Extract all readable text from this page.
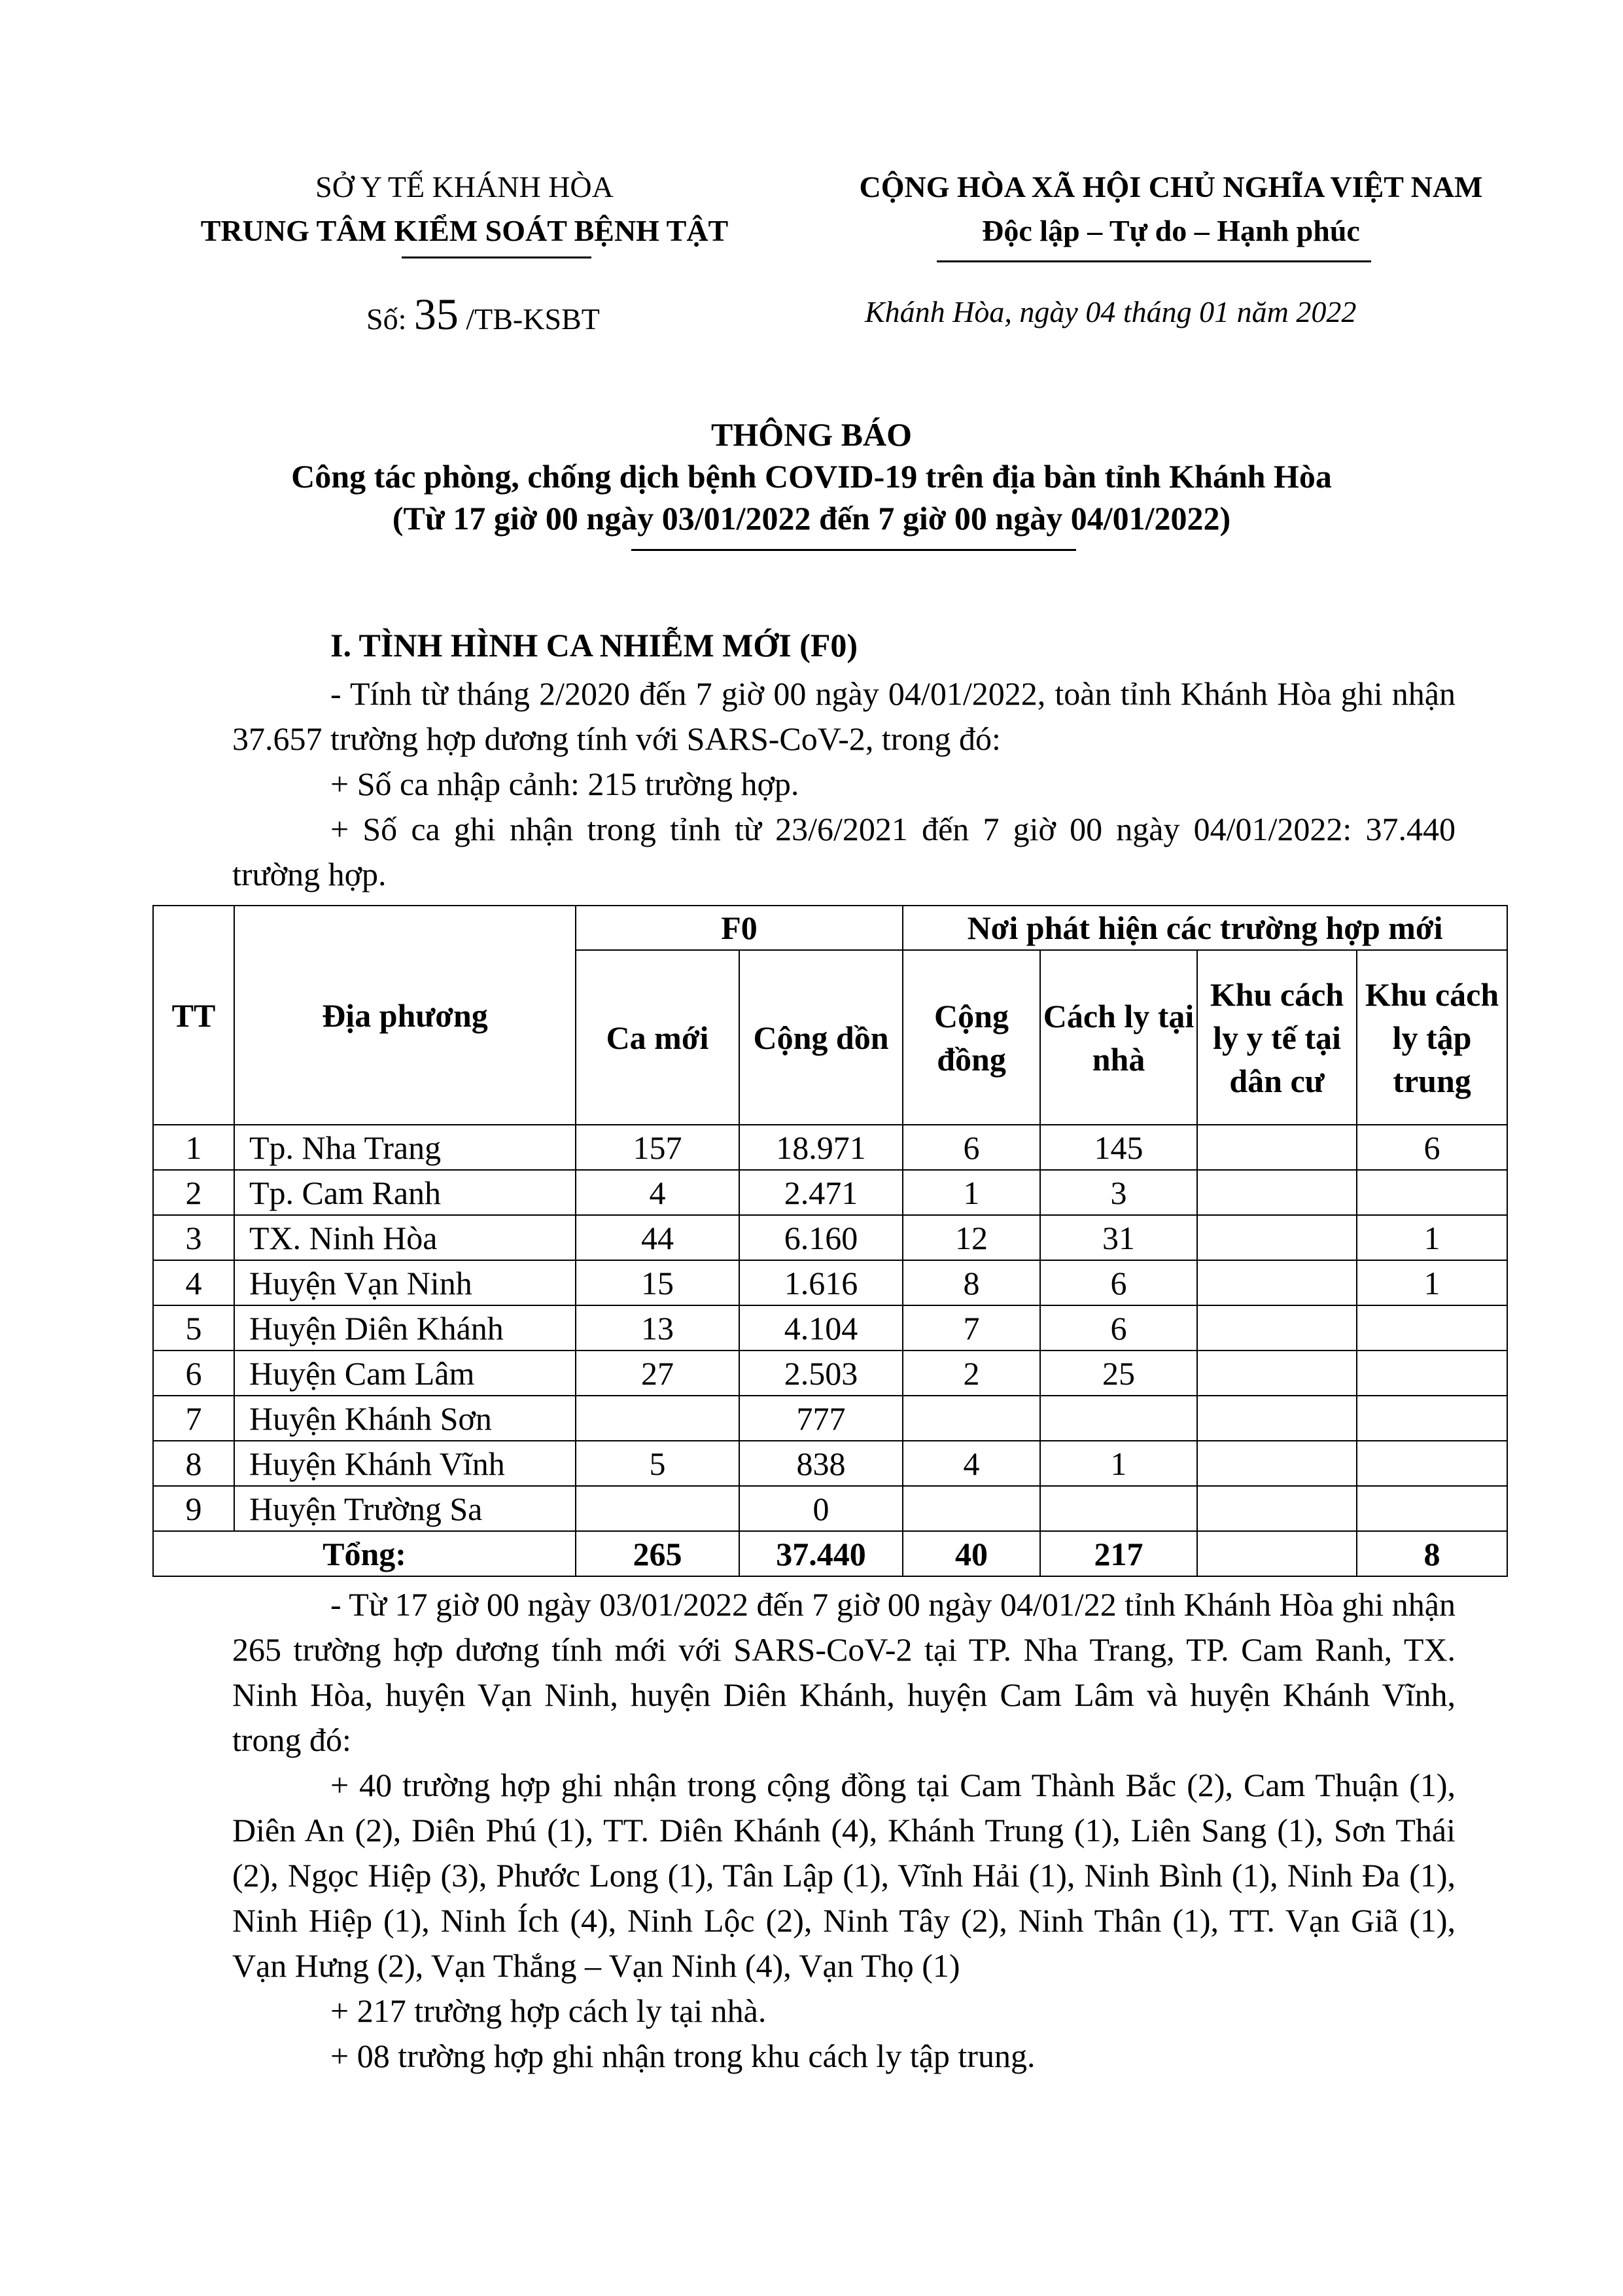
SỞ Y TẾ KHÁNH HÒA
TRUNG TÂM KIỂM SOÁT BỆNH TẬT
CỘNG HÒA XÃ HỘI CHỦ NGHĨA VIỆT NAM
Độc lập – Tự do – Hạnh phúc
Số: 35 /TB-KSBT	Khánh Hòa, ngày 04 tháng 01 năm 2022
THÔNG BÁO
Công tác phòng, chống dịch bệnh COVID-19 trên địa bàn tỉnh Khánh Hòa
(Từ 17 giờ 00 ngày 03/01/2022 đến 7 giờ 00 ngày 04/01/2022)
I. TÌNH HÌNH CA NHIỄM MỚI (F0)
- Tính từ tháng 2/2020 đến 7 giờ 00 ngày 04/01/2022, toàn tỉnh Khánh Hòa ghi nhận 37.657 trường hợp dương tính với SARS-CoV-2, trong đó:
+ Số ca nhập cảnh: 215 trường hợp.
+ Số ca ghi nhận trong tỉnh từ 23/6/2021 đến 7 giờ 00 ngày 04/01/2022: 37.440 trường hợp.
TT	Địa phương	F0		Nơi phát hiện các trường hợp mới			
		Ca mới	Cộng dồn	Cộng đồng	Cách ly tại nhà	Khu cách ly y tế tại dân cư	Khu cách ly tập trung
1	Tp. Nha Trang	157	18.971	6	145		6
2	Tp. Cam Ranh	4	2.471	1	3		
3	TX. Ninh Hòa	44	6.160	12	31		1
4	Huyện Vạn Ninh	15	1.616	8	6		1
5	Huyện Diên Khánh	13	4.104	7	6		
6	Huyện Cam Lâm	27	2.503	2	25		
7	Huyện Khánh Sơn		777				
8	Huyện Khánh Vĩnh	5	838	4	1		
9	Huyện Trường Sa		0				
Tổng:		265	37.440	40	217		8
- Từ 17 giờ 00 ngày 03/01/2022 đến 7 giờ 00 ngày 04/01/22 tỉnh Khánh Hòa ghi nhận 265 trường hợp dương tính mới với SARS-CoV-2 tại TP. Nha Trang, TP. Cam Ranh, TX. Ninh Hòa, huyện Vạn Ninh, huyện Diên Khánh, huyện Cam Lâm và huyện Khánh Vĩnh, trong đó:
+ 40 trường hợp ghi nhận trong cộng đồng tại Cam Thành Bắc (2), Cam Thuận (1), Diên An (2), Diên Phú (1), TT. Diên Khánh (4), Khánh Trung (1), Liên Sang (1), Sơn Thái (2), Ngọc Hiệp (3), Phước Long (1), Tân Lập (1), Vĩnh Hải (1), Ninh Bình (1), Ninh Đa (1), Ninh Hiệp (1), Ninh Ích (4), Ninh Lộc (2), Ninh Tây (2), Ninh Thân (1), TT. Vạn Giã (1), Vạn Hưng (2), Vạn Thắng – Vạn Ninh (4), Vạn Thọ (1)
+ 217 trường hợp cách ly tại nhà.
+ 08 trường hợp ghi nhận trong khu cách ly tập trung.
